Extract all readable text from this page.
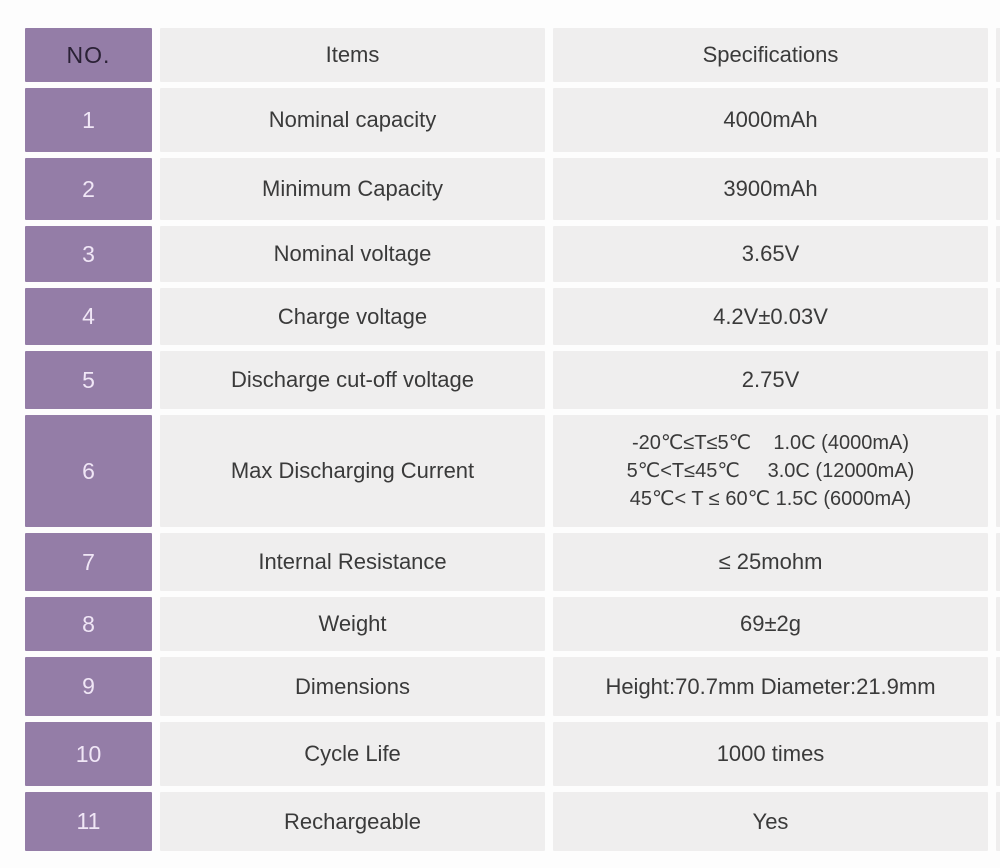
NO.	Items	Specifications
1	Nominal capacity	4000mAh
2	Minimum Capacity	3900mAh
3	Nominal voltage	3.65V
4	Charge voltage	4.2V±0.03V
5	Discharge cut-off voltage	2.75V
6	Max Discharging Current
-20℃≤T≤5℃    1.0C (4000mA)
5℃<T≤45℃     3.0C (12000mA)
45℃< T ≤ 60℃ 1.5C (6000mA)
7	Internal Resistance	≤ 25mohm
8	Weight	69±2g
9	Dimensions	Height:70.7mm Diameter:21.9mm
10	Cycle Life	1000 times
11	Rechargeable	Yes
